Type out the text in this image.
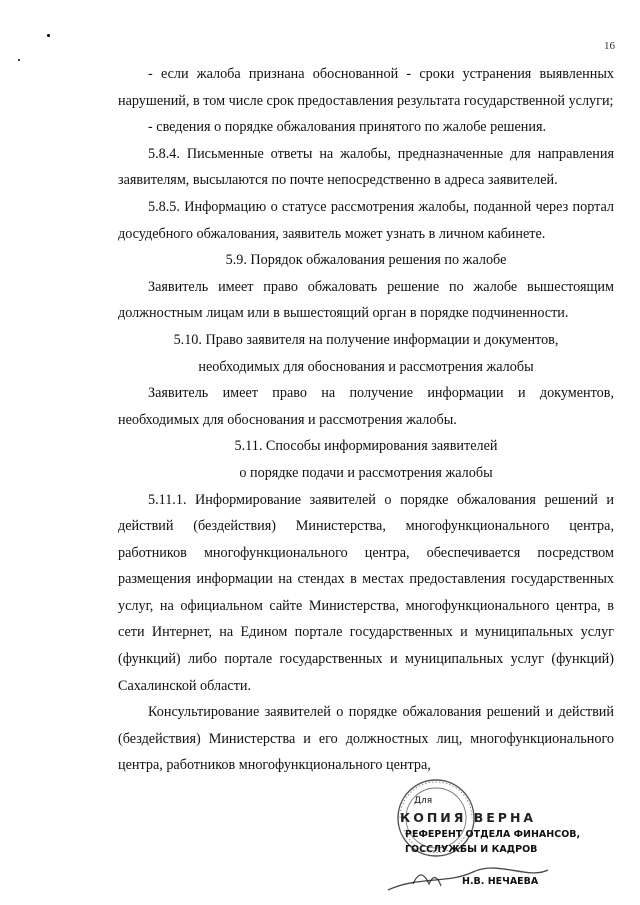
16

- если жалоба признана обоснованной - сроки устранения выявленных нарушений, в том числе срок предоставления результата государственной услуги;

- сведения о порядке обжалования принятого по жалобе решения.

5.8.4. Письменные ответы на жалобы, предназначенные для направления заявителям, высылаются по почте непосредственно в адреса заявителей.

5.8.5. Информацию о статусе рассмотрения жалобы, поданной через портал досудебного обжалования, заявитель может узнать в личном кабинете.

5.9. Порядок обжалования решения по жалобе

Заявитель имеет право обжаловать решение по жалобе вышестоящим должностным лицам или в вышестоящий орган в порядке подчиненности.

5.10. Право заявителя на получение информации и документов,

необходимых для обоснования и рассмотрения жалобы

Заявитель имеет право на получение информации и документов, необходимых для обоснования и рассмотрения жалобы.

5.11. Способы информирования заявителей

о порядке подачи и рассмотрения жалобы

5.11.1. Информирование заявителей о порядке обжалования решений и действий (бездействия) Министерства, многофункционального центра, работников многофункционального центра, обеспечивается посредством размещения информации на стендах в местах предоставления государственных услуг, на официальном сайте Министерства, многофункционального центра, в сети Интернет, на Едином портале государственных и муниципальных услуг (функций) либо портале государственных и муниципальных услуг (функций) Сахалинской области.

Консультирование заявителей о порядке обжалования решений и действий (бездействия) Министерства и его должностных лиц, многофункционального центра, работников многофункционального центра,

КОПИЯ ВЕРНА
РЕФЕРЕНТ ОТДЕЛА ФИНАНСОВ,
ГОССЛУЖБЫ И КАДРОВ
Для
Н.В. НЕЧАЕВА
